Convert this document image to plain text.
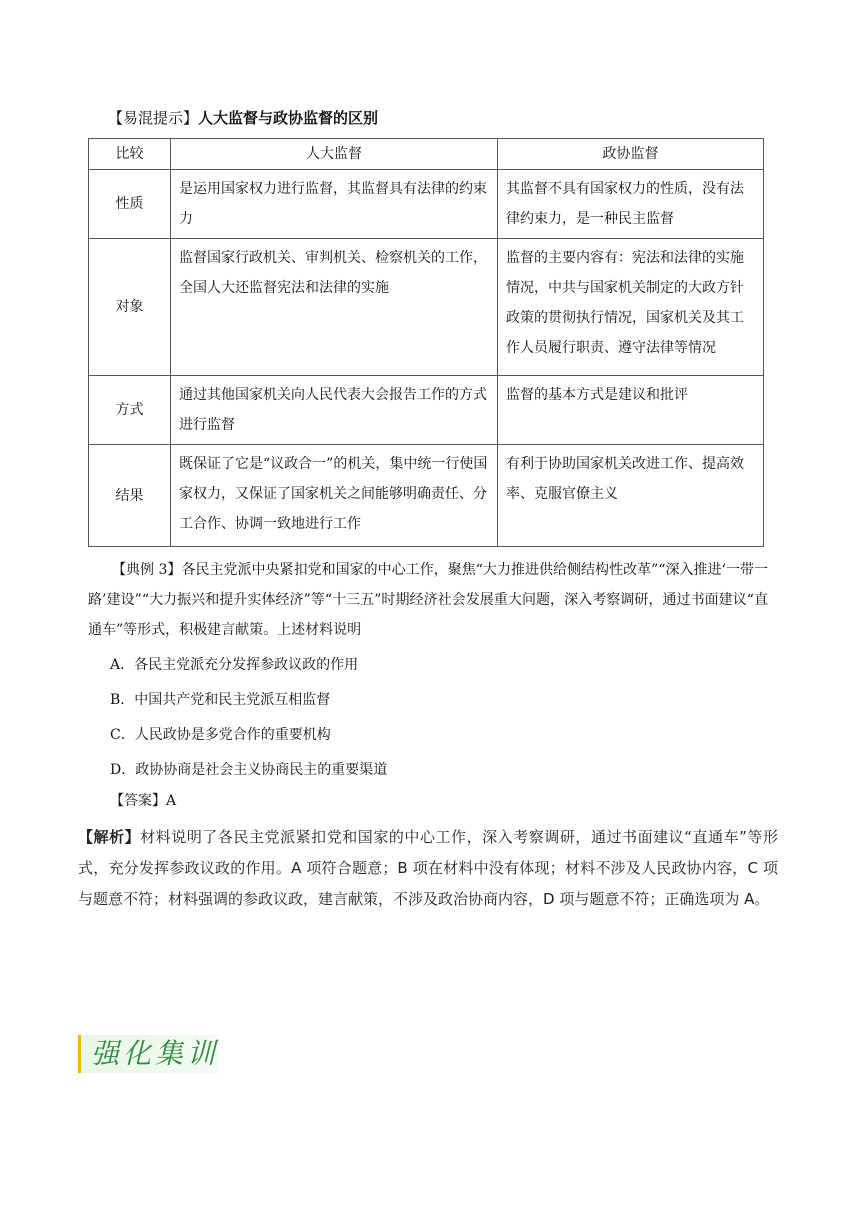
【易混提示】人大监督与政协监督的区别
比较	人大监督	政协监督
性质	是运用国家权力进行监督，其监督具有法律的约束力	其监督不具有国家权力的性质，没有法律约束力，是一种民主监督
对象	监督国家行政机关、审判机关、检察机关的工作，全国人大还监督宪法和法律的实施	监督的主要内容有：宪法和法律的实施情况，中共与国家机关制定的大政方针政策的贯彻执行情况，国家机关及其工作人员履行职责、遵守法律等情况
方式	通过其他国家机关向人民代表大会报告工作的方式进行监督	监督的基本方式是建议和批评
结果	既保证了它是“议政合一”的机关，集中统一行使国家权力，又保证了国家机关之间能够明确责任、分工合作、协调一致地进行工作	有利于协助国家机关改进工作、提高效率、克服官僚主义
【典例 3】各民主党派中央紧扣党和国家的中心工作，聚焦“大力推进供给侧结构性改革”“深入推进‘一带一路’建设”“大力振兴和提升实体经济”等“十三五”时期经济社会发展重大问题，深入考察调研，通过书面建议“直通车”等形式，积极建言献策。上述材料说明
A．各民主党派充分发挥参政议政的作用
B．中国共产党和民主党派互相监督
C．人民政协是多党合作的重要机构
D．政协协商是社会主义协商民主的重要渠道
【答案】A
【解析】材料说明了各民主党派紧扣党和国家的中心工作，深入考察调研，通过书面建议“直通车”等形式，充分发挥参政议政的作用。A 项符合题意；B 项在材料中没有体现；材料不涉及人民政协内容，C 项与题意不符；材料强调的参政议政，建言献策，不涉及政治协商内容，D 项与题意不符；正确选项为 A。
强化集训
